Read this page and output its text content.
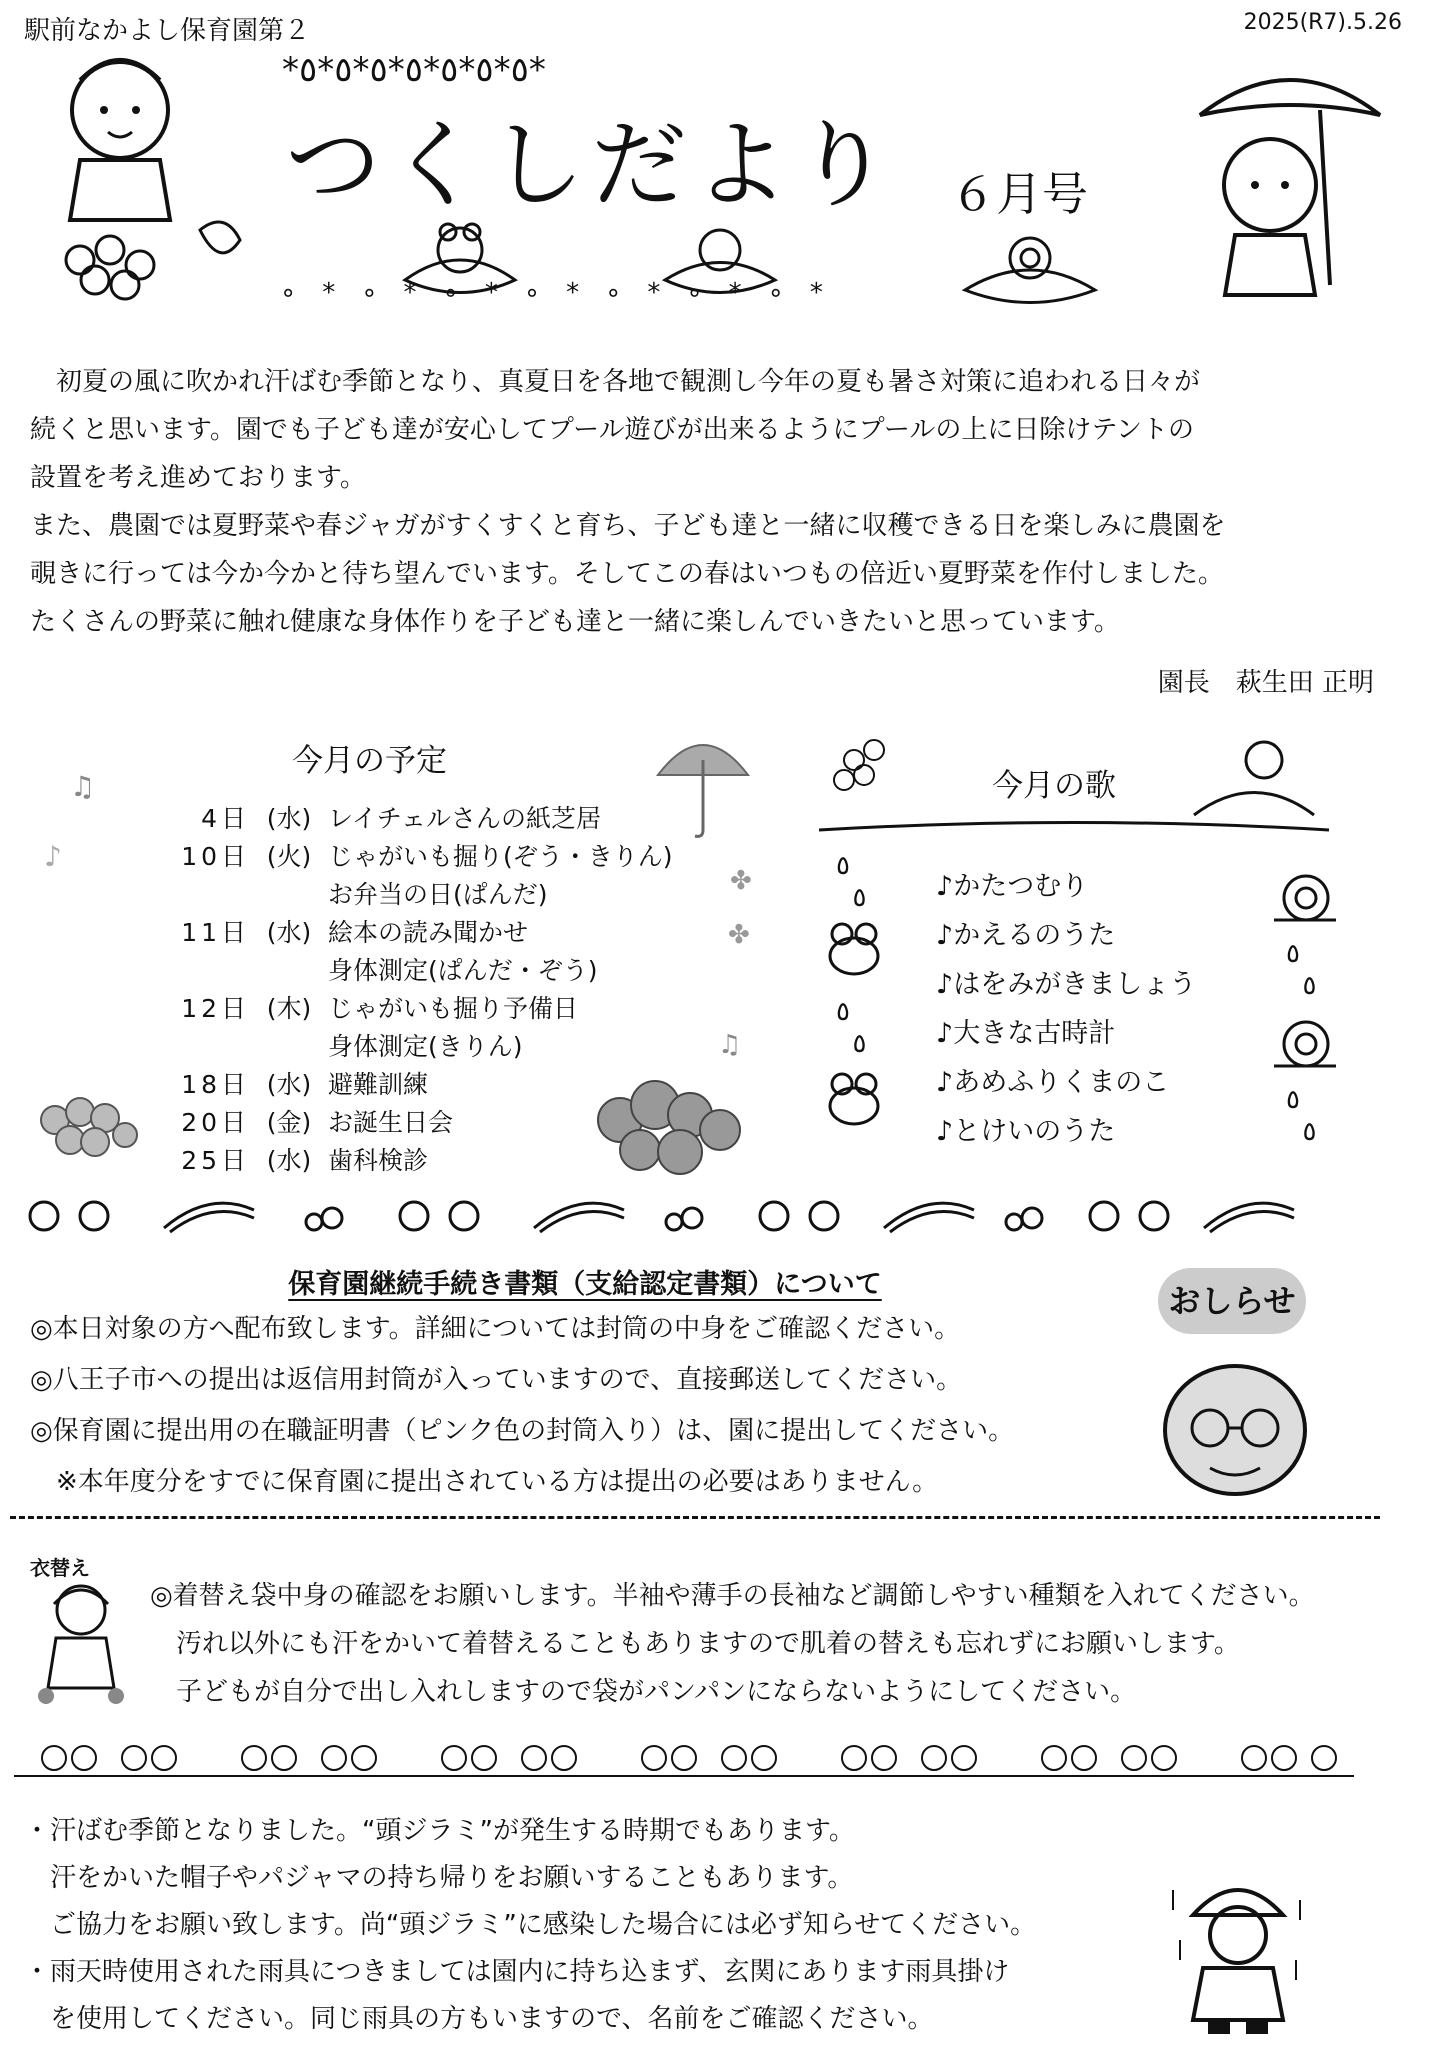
駅前なかよし保育園第２	2025(R7).5.26
*٥*٥*٥*٥*٥*٥*٥*
∘*∘*∘*∘*∘*∘*∘*
つくしだより ６月号

　初夏の風に吹かれ汗ばむ季節となり、真夏日を各地で観測し今年の夏も暑さ対策に追われる日々が

続くと思います。園でも子ども達が安心してプール遊びが出来るようにプールの上に日除けテントの

設置を考え進めております。

また、農園では夏野菜や春ジャガがすくすくと育ち、子ども達と一緒に収穫できる日を楽しみに農園を

覗きに行っては今か今かと待ち望んでいます。そしてこの春はいつもの倍近い夏野菜を作付しました。

たくさんの野菜に触れ健康な身体作りを子ども達と一緒に楽しんでいきたいと思っています。

園長　萩生田 正明
今月の予定
4日 (水) レイチェルさんの紙芝居
10日 (火) じゃがいも掘り(ぞう・きりん)
お弁当の日(ぱんだ)
11日 (水) 絵本の読み聞かせ
身体測定(ぱんだ・ぞう)
12日 (木) じゃがいも掘り予備日
身体測定(きりん)
18日 (水) 避難訓練
20日 (金) お誕生日会
25日 (水) 歯科検診
♫
♪
♫
✤
✤
今月の歌
♪かたつむり
♪かえるのうた
♪はをみがきましょう
♪大きな古時計
♪あめふりくまのこ
♪とけいのうた
٥
٥
٥
٥
٥
٥
٥
٥
保育園継続手続き書類（支給認定書類）について
◎本日対象の方へ配布致します。詳細については封筒の中身をご確認ください。
◎八王子市への提出は返信用封筒が入っていますので、直接郵送してください。
◎保育園に提出用の在職証明書（ピンク色の封筒入り）は、園に提出してください。
　※本年度分をすでに保育園に提出されている方は提出の必要はありません。
おしらせ
衣替え
◎着替え袋中身の確認をお願いします。半袖や薄手の長袖など調節しやすい種類を入れてください。
　汚れ以外にも汗をかいて着替えることもありますので肌着の替えも忘れずにお願いします。
　子どもが自分で出し入れしますので袋がパンパンにならないようにしてください。
・汗ばむ季節となりました。“頭ジラミ”が発生する時期でもあります。
　汗をかいた帽子やパジャマの持ち帰りをお願いすることもあります。
　ご協力をお願い致します。尚“頭ジラミ”に感染した場合には必ず知らせてください。
・雨天時使用された雨具につきましては園内に持ち込まず、玄関にあります雨具掛け
　を使用してください。同じ雨具の方もいますので、名前をご確認ください。
